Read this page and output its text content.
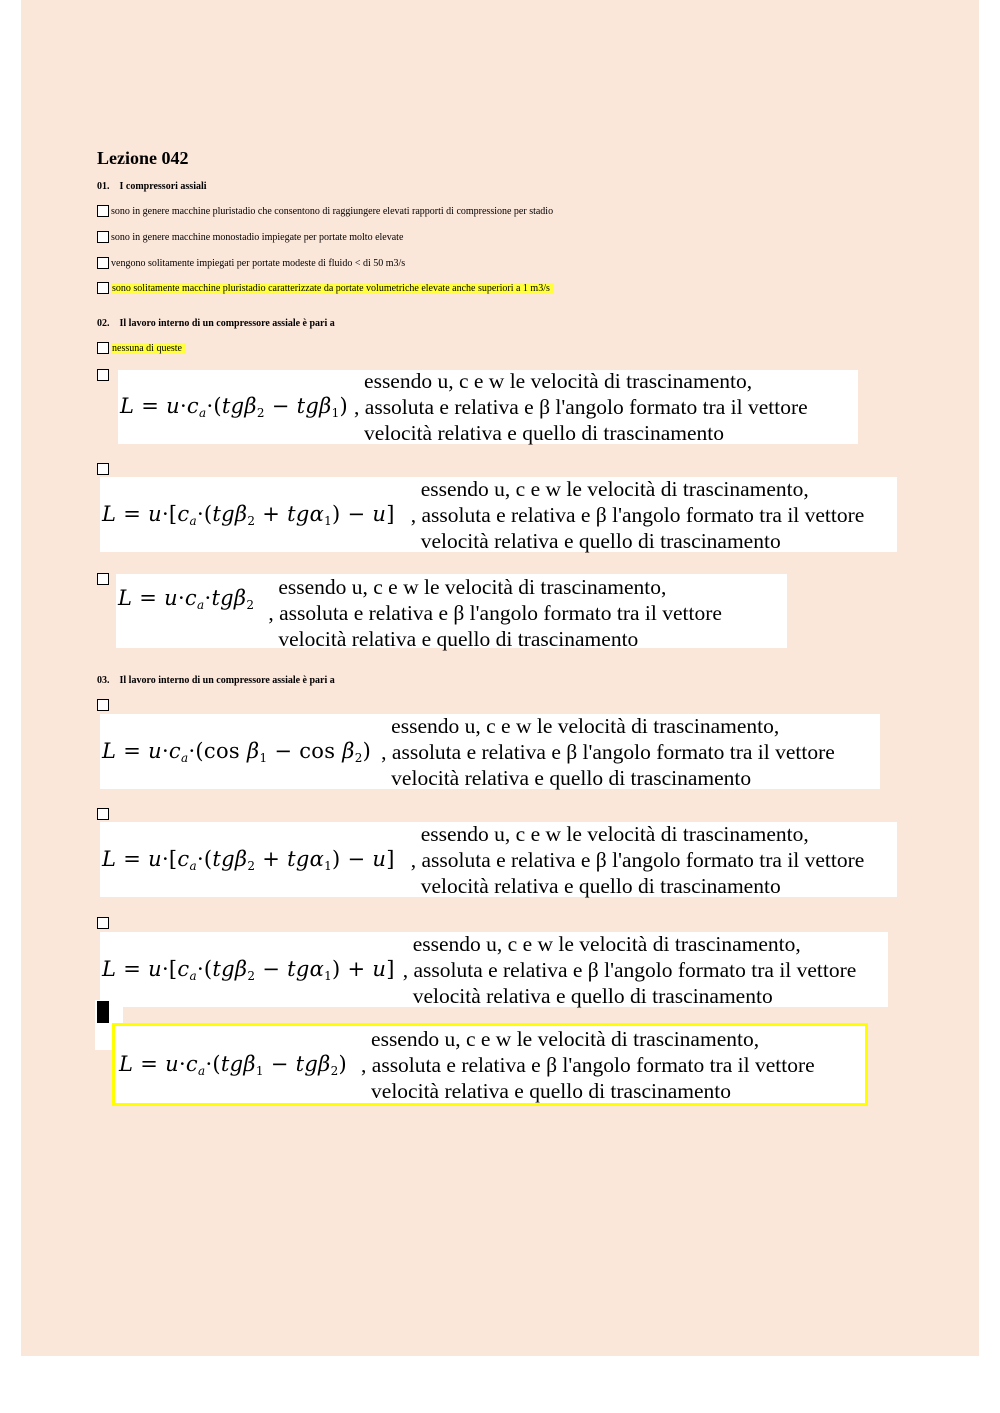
Lezione 042
01. I compressori assiali
sono in genere macchine pluristadio che consentono di raggiungere elevati rapporti di compressione per stadio
sono in genere macchine monostadio impiegate per portate molto elevate
vengono solitamente impiegati per portate modeste di fluido < di 50 m3/s
sono solitamente macchine pluristadio caratterizzate da portate volumetriche elevate anche superiori a 1 m3/s
02. Il lavoro interno di un compressore assiale è pari a
nessuna di queste
$L = u\cdot c_a\cdot(tg\beta_2 - tg\beta_1)$
essendo u, c e w le velocità di trascinamento,
, assoluta e relativa e β l'angolo formato tra il vettore
velocità relativa e quello di trascinamento
$L = u\cdot[c_a\cdot(tg\beta_2 + tg\alpha_1) - u]$
essendo u, c e w le velocità di trascinamento,
, assoluta e relativa e β l'angolo formato tra il vettore
velocità relativa e quello di trascinamento
$L = u\cdot c_a\cdot tg\beta_2$
essendo u, c e w le velocità di trascinamento,
, assoluta e relativa e β l'angolo formato tra il vettore
velocità relativa e quello di trascinamento
03. Il lavoro interno di un compressore assiale è pari a
$L = u\cdot c_a\cdot(\cos$ $\beta_1 - \cos \beta_2$)
essendo u, c e w le velocità di trascinamento,
, assoluta e relativa e β l'angolo formato tra il vettore
velocità relativa e quello di trascinamento
$L = u\cdot[c_a\cdot(tg\beta_2 + tg\alpha_1) - u]$
essendo u, c e w le velocità di trascinamento,
, assoluta e relativa e β l'angolo formato tra il vettore
velocità relativa e quello di trascinamento
$L = u\cdot[c_a\cdot(tg\beta_2 - tg\alpha_1) + u]$
essendo u, c e w le velocità di trascinamento,
, assoluta e relativa e β l'angolo formato tra il vettore
velocità relativa e quello di trascinamento
$L = u\cdot c_a\cdot(tg\beta_1 - tg\beta_2)$
essendo u, c e w le velocità di trascinamento,
, assoluta e relativa e β l'angolo formato tra il vettore
velocità relativa e quello di trascinamento
